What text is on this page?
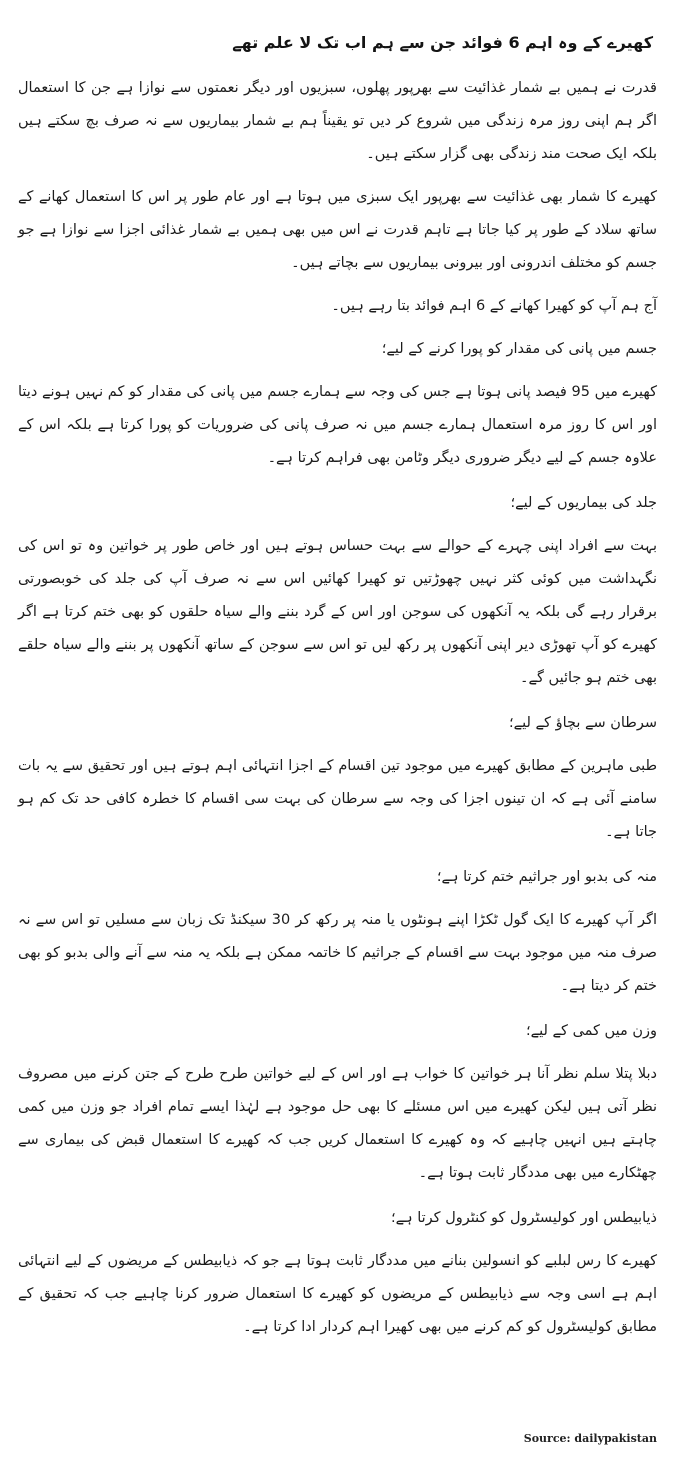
کھیرے کے وہ اہم 6 فوائد جن سے ہم اب تک لا علم تھے
قدرت نے ہمیں بے شمار غذائیت سے بھرپور پھلوں، سبزیوں اور دیگر نعمتوں سے نوازا ہے جن کا استعمال اگر ہم اپنی روز مرہ زندگی میں شروع کر دیں تو یقیناً ہم بے شمار بیماریوں سے نہ صرف بچ سکتے ہیں بلکہ ایک صحت مند زندگی بھی گزار سکتے ہیں۔
کھیرے کا شمار بھی غذائیت سے بھرپور ایک سبزی میں ہوتا ہے اور عام طور پر اس کا استعمال کھانے کے ساتھ سلاد کے طور پر کیا جاتا ہے تاہم قدرت نے اس میں بھی ہمیں بے شمار غذائی اجزا سے نوازا ہے جو جسم کو مختلف اندرونی اور بیرونی بیماریوں سے بچاتے ہیں۔
آج ہم آپ کو کھیرا کھانے کے 6 اہم فوائد بتا رہے ہیں۔
جسم میں پانی کی مقدار کو پورا کرنے کے لیے؛
کھیرے میں 95 فیصد پانی ہوتا ہے جس کی وجہ سے ہمارے جسم میں پانی کی مقدار کو کم نہیں ہونے دیتا اور اس کا روز مرہ استعمال ہمارے جسم میں نہ صرف پانی کی ضروریات کو پورا کرتا ہے بلکہ اس کے علاوہ جسم کے لیے دیگر ضروری دیگر وٹامن بھی فراہم کرتا ہے۔
جلد کی بیماریوں کے لیے؛
بہت سے افراد اپنی چہرے کے حوالے سے بہت حساس ہوتے ہیں اور خاص طور پر خواتین وہ تو اس کی نگہداشت میں کوئی کثر نہیں چھوڑتیں تو کھیرا کھائیں اس سے نہ صرف آپ کی جلد کی خوبصورتی برقرار رہے گی بلکہ یہ آنکھوں کی سوجن اور اس کے گرد بننے والے سیاہ حلقوں کو بھی ختم کرتا ہے اگر کھیرے کو آپ تھوڑی دیر اپنی آنکھوں پر رکھ لیں تو اس سے سوجن کے ساتھ آنکھوں پر بننے والے سیاہ حلقے بھی ختم ہو جائیں گے۔
سرطان سے بچاؤ کے لیے؛
طبی ماہرین کے مطابق کھیرے میں موجود تین اقسام کے اجزا انتہائی اہم ہوتے ہیں اور تحقیق سے یہ بات سامنے آئی ہے کہ ان تینوں اجزا کی وجہ سے سرطان کی بہت سی اقسام کا خطرہ کافی حد تک کم ہو جاتا ہے۔
منہ کی بدبو اور جراثیم ختم کرتا ہے؛
اگر آپ کھیرے کا ایک گول ٹکڑا اپنے ہونٹوں یا منہ پر رکھ کر 30 سیکنڈ تک زبان سے مسلیں تو اس سے نہ صرف منہ میں موجود بہت سے اقسام کے جراثیم کا خاتمہ ممکن ہے بلکہ یہ منہ سے آنے والی بدبو کو بھی ختم کر دیتا ہے۔
وزن میں کمی کے لیے؛
دبلا پتلا سلم نظر آنا ہر خواتین کا خواب ہے اور اس کے لیے خواتین طرح طرح کے جتن کرنے میں مصروف نظر آتی ہیں لیکن کھیرے میں اس مسئلے کا بھی حل موجود ہے لہٰذا ایسے تمام افراد جو وزن میں کمی چاہتے ہیں انہیں چاہیے کہ وہ کھیرے کا استعمال کریں جب کہ کھیرے کا استعمال قبض کی بیماری سے چھٹکارے میں بھی مددگار ثابت ہوتا ہے۔
ذیابیطس اور کولیسٹرول کو کنٹرول کرتا ہے؛
کھیرے کا رس لبلبے کو انسولین بنانے میں مددگار ثابت ہوتا ہے جو کہ ذیابیطس کے مریضوں کے لیے انتہائی اہم ہے اسی وجہ سے ذیابیطس کے مریضوں کو کھیرے کا استعمال ضرور کرنا چاہیے جب کہ تحقیق کے مطابق کولیسٹرول کو کم کرنے میں بھی کھیرا اہم کردار ادا کرتا ہے۔
Source: dailypakistan
